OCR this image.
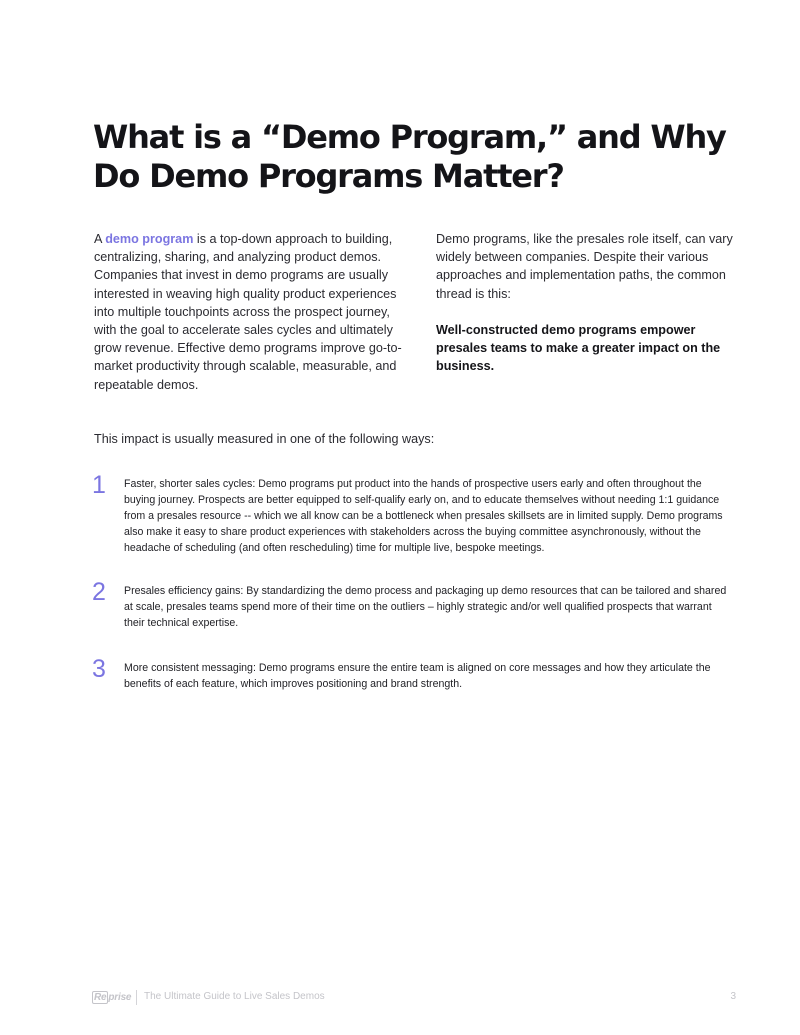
What is a “Demo Program,” and Why Do Demo Programs Matter?

A demo program is a top-down approach to building, centralizing, sharing, and analyzing product demos. Companies that invest in demo programs are usually interested in weaving high quality product experiences into multiple touchpoints across the prospect journey, with the goal to accelerate sales cycles and ultimately grow revenue. Effective demo programs improve go-to-market productivity through scalable, measurable, and repeatable demos.

Demo programs, like the presales role itself, can vary widely between companies. Despite their various approaches and implementation paths, the common thread is this:

Well-constructed demo programs empower presales teams to make a greater impact on the business.

This impact is usually measured in one of the following ways:

1	Faster, shorter sales cycles: Demo programs put product into the hands of prospective users early and often throughout the buying journey. Prospects are better equipped to self-qualify early on, and to educate themselves without needing 1:1 guidance from a presales resource -- which we all know can be a bottleneck when presales skillsets are in limited supply. Demo programs also make it easy to share product experiences with stakeholders across the buying committee asynchronously, without the headache of scheduling (and often rescheduling) time for multiple live, bespoke meetings.

2	Presales efficiency gains: By standardizing the demo process and packaging up demo resources that can be tailored and shared at scale, presales teams spend more of their time on the outliers – highly strategic and/or well qualified prospects that warrant their technical expertise.

3	More consistent messaging: Demo programs ensure the entire team is aligned on core messages and how they articulate the benefits of each feature, which improves positioning and brand strength.

Re prise The Ultimate Guide to Live Sales Demos	3
